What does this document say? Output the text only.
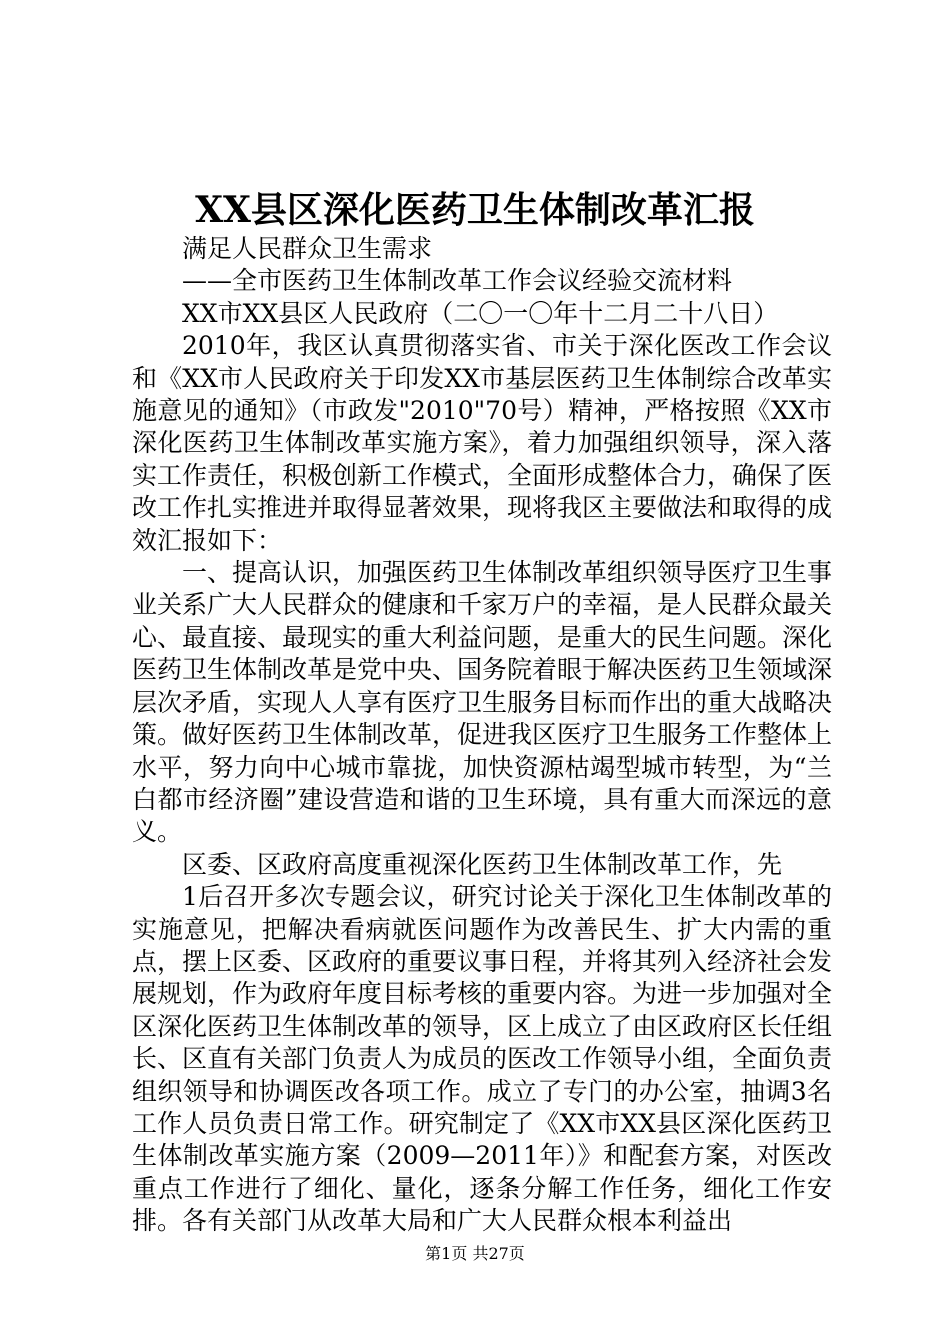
XX县区深化医药卫生体制改革汇报

满足人民群众卫生需求

——全市医药卫生体制改革工作会议经验交流材料

XX市XX县区人民政府（二〇一〇年十二月二十八日）

2010年，我区认真贯彻落实省、市关于深化医改工作会议和《XX市人民政府关于印发XX市基层医药卫生体制综合改革实施意见的通知》（市政发"2010"70号）精神，严格按照《XX市深化医药卫生体制改革实施方案》，着力加强组织领导，深入落实工作责任，积极创新工作模式，全面形成整体合力，确保了医改工作扎实推进并取得显著效果，现将我区主要做法和取得的成效汇报如下：

一、提高认识，加强医药卫生体制改革组织领导医疗卫生事业关系广大人民群众的健康和千家万户的幸福，是人民群众最关心、最直接、最现实的重大利益问题，是重大的民生问题。深化医药卫生体制改革是党中央、国务院着眼于解决医药卫生领域深层次矛盾，实现人人享有医疗卫生服务目标而作出的重大战略决策。做好医药卫生体制改革，促进我区医疗卫生服务工作整体上水平，努力向中心城市靠拢，加快资源枯竭型城市转型，为“兰白都市经济圈”建设营造和谐的卫生环境，具有重大而深远的意义。

区委、区政府高度重视深化医药卫生体制改革工作，先

1后召开多次专题会议，研究讨论关于深化卫生体制改革的实施意见，把解决看病就医问题作为改善民生、扩大内需的重点，摆上区委、区政府的重要议事日程，并将其列入经济社会发展规划，作为政府年度目标考核的重要内容。为进一步加强对全区深化医药卫生体制改革的领导，区上成立了由区政府区长任组长、区直有关部门负责人为成员的医改工作领导小组，全面负责组织领导和协调医改各项工作。成立了专门的办公室，抽调3名工作人员负责日常工作。研究制定了《XX市XX县区深化医药卫生体制改革实施方案（2009—2011年）》和配套方案，对医改重点工作进行了细化、量化，逐条分解工作任务，细化工作安排。各有关部门从改革大局和广大人民群众根本利益出

第1页 共27页
